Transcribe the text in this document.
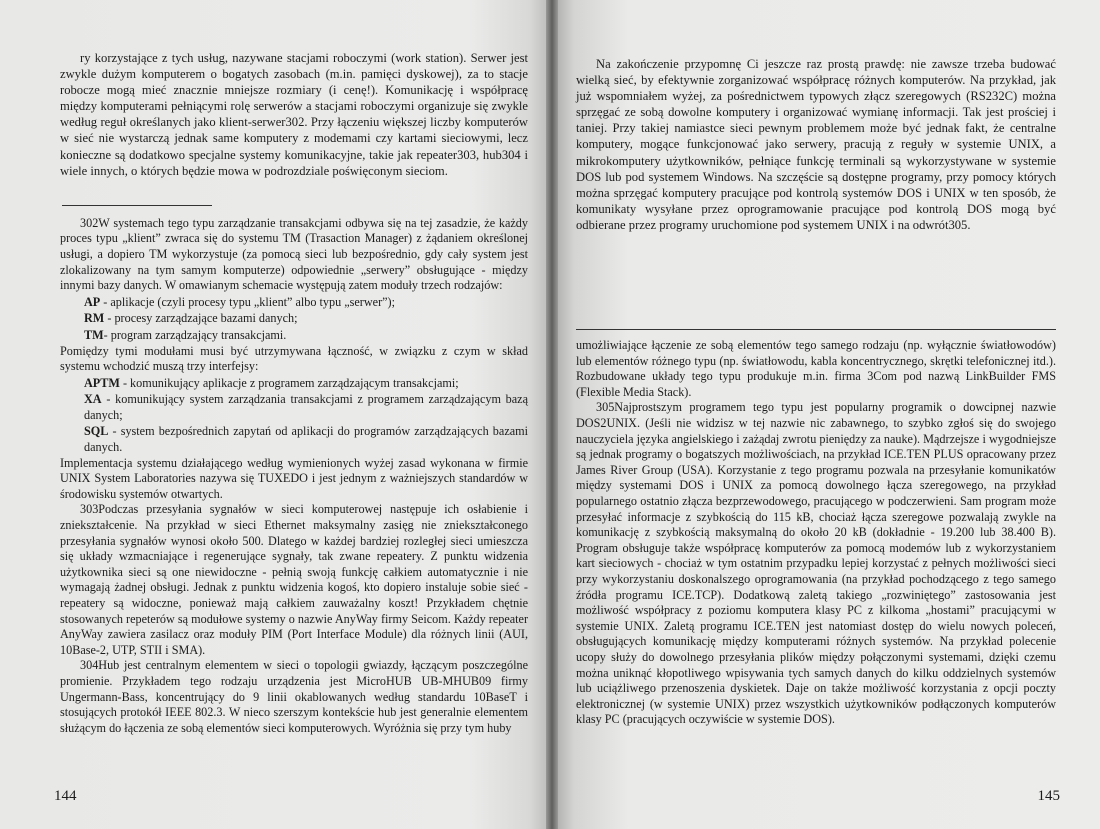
ry korzystające z tych usług, nazywane stacjami roboczymi (work station). Serwer jest zwykle dużym komputerem o bogatych zasobach (m.in. pamięci dyskowej), za to stacje robocze mogą mieć znacznie mniejsze rozmiary (i cenę!). Komunikację i współpracę między komputerami pełniącymi rolę serwerów a stacjami roboczymi organizuje się zwykle według reguł określanych jako klient-serwer302. Przy łączeniu większej liczby komputerów w sieć nie wystarczą jednak same komputery z modemami czy kartami sieciowymi, lecz konieczne są dodatkowo specjalne systemy komunikacyjne, takie jak repeater303, hub304 i wiele innych, o których będzie mowa w podrozdziale poświęconym sieciom.

302W systemach tego typu zarządzanie transakcjami odbywa się na tej zasadzie, że każdy proces typu „klient” zwraca się do systemu TM (Trasaction Manager) z żądaniem określonej usługi, a dopiero TM wykorzystuje (za pomocą sieci lub bezpośrednio, gdy cały system jest zlokalizowany na tym samym komputerze) odpowiednie „serwery” obsługujące - między innymi bazy danych. W omawianym schemacie występują zatem moduły trzech rodzajów:

AP - aplikacje (czyli procesy typu „klient” albo typu „serwer”);

RM - procesy zarządzające bazami danych;

TM- program zarządzający transakcjami.

Pomiędzy tymi modułami musi być utrzymywana łączność, w związku z czym w skład systemu wchodzić muszą trzy interfejsy:

APTM - komunikujący aplikacje z programem zarządzającym transakcjami;

XA - komunikujący system zarządzania transakcjami z programem zarządzającym bazą danych;

SQL - system bezpośrednich zapytań od aplikacji do programów zarządzających bazami danych.

Implementacja systemu działającego według wymienionych wyżej zasad wykonana w firmie UNIX System Laboratories nazywa się TUXEDO i jest jednym z ważniejszych standardów w środowisku systemów otwartych.

303Podczas przesyłania sygnałów w sieci komputerowej następuje ich osłabienie i zniekształcenie. Na przykład w sieci Ethernet maksymalny zasięg nie zniekształconego przesyłania sygnałów wynosi około 500. Dlatego w każdej bardziej rozległej sieci umieszcza się układy wzmacniające i regenerujące sygnały, tak zwane repeatery. Z punktu widzenia użytkownika sieci są one niewidoczne - pełnią swoją funkcję całkiem automatycznie i nie wymagają żadnej obsługi. Jednak z punktu widzenia kogoś, kto dopiero instaluje sobie sieć - repeatery są widoczne, ponieważ mają całkiem zauważalny koszt! Przykładem chętnie stosowanych repeterów są modułowe systemy o nazwie AnyWay firmy Seicom. Każdy repeater AnyWay zawiera zasilacz oraz moduły PIM (Port Interface Module) dla różnych linii (AUI, 10Base-2, UTP, STII i SMA).

304Hub jest centralnym elementem w sieci o topologii gwiazdy, łączącym poszczególne promienie. Przykładem tego rodzaju urządzenia jest MicroHUB UB-MHUB09 firmy Ungermann-Bass, koncentrujący do 9 linii okablowanych według standardu 10BaseT i stosujących protokół IEEE 802.3. W nieco szerszym kontekście hub jest generalnie elementem służącym do łączenia ze sobą elementów sieci komputerowych. Wyróżnia się przy tym huby

144

Na zakończenie przypomnę Ci jeszcze raz prostą prawdę: nie zawsze trzeba budować wielką sieć, by efektywnie zorganizować współpracę różnych komputerów. Na przykład, jak już wspomniałem wyżej, za pośrednictwem typowych złącz szeregowych (RS232C) można sprzęgać ze sobą dowolne komputery i organizować wymianę informacji. Tak jest prościej i taniej. Przy takiej namiastce sieci pewnym problemem może być jednak fakt, że centralne komputery, mogące funkcjonować jako serwery, pracują z reguły w systemie UNIX, a mikrokomputery użytkowników, pełniące funkcję terminali są wykorzystywane w systemie DOS lub pod systemem Windows. Na szczęście są dostępne programy, przy pomocy których można sprzęgać komputery pracujące pod kontrolą systemów DOS i UNIX w ten sposób, że komunikaty wysyłane przez oprogramowanie pracujące pod kontrolą DOS mogą być odbierane przez programy uruchomione pod systemem UNIX i na odwrót305.

umożliwiające łączenie ze sobą elementów tego samego rodzaju (np. wyłącznie światłowodów) lub elementów różnego typu (np. światłowodu, kabla koncentrycznego, skrętki telefonicznej itd.). Rozbudowane układy tego typu produkuje m.in. firma 3Com pod nazwą LinkBuilder FMS (Flexible Media Stack).

305Najprostszym programem tego typu jest popularny programik o dowcipnej nazwie DOS2UNIX. (Jeśli nie widzisz w tej nazwie nic zabawnego, to szybko zgłoś się do swojego nauczyciela języka angielskiego i zażądaj zwrotu pieniędzy za nauke). Mądrzejsze i wygodniejsze są jednak programy o bogatszych możliwościach, na przykład ICE.TEN PLUS opracowany przez James River Group (USA). Korzystanie z tego programu pozwala na przesyłanie komunikatów między systemami DOS i UNIX za pomocą dowolnego łącza szeregowego, na przykład popularnego ostatnio złącza bezprzewodowego, pracującego w podczerwieni. Sam program może przesyłać informacje z szybkością do 115 kB, chociaż łącza szeregowe pozwalają zwykle na komunikację z szybkością maksymalną do około 20 kB (dokładnie - 19.200 lub 38.400 B). Program obsługuje także współpracę komputerów za pomocą modemów lub z wykorzystaniem kart sieciowych - chociaż w tym ostatnim przypadku lepiej korzystać z pełnych możliwości sieci przy wykorzystaniu doskonalszego oprogramowania (na przykład pochodzącego z tego samego źródła programu ICE.TCP). Dodatkową zaletą takiego „rozwiniętego” zastosowania jest możliwość współpracy z poziomu komputera klasy PC z kilkoma „hostami” pracującymi w systemie UNIX. Zaletą programu ICE.TEN jest natomiast dostęp do wielu nowych poleceń, obsługujących komunikację między komputerami różnych systemów. Na przykład polecenie ucopy służy do dowolnego przesyłania plików między połączonymi systemami, dzięki czemu można uniknąć kłopotliwego wpisywania tych samych danych do kilku oddzielnych systemów lub uciążliwego przenoszenia dyskietek. Daje on także możliwość korzystania z opcji poczty elektronicznej (w systemie UNIX) przez wszystkich użytkowników podłączonych komputerów klasy PC (pracujących oczywiście w systemie DOS).

145
